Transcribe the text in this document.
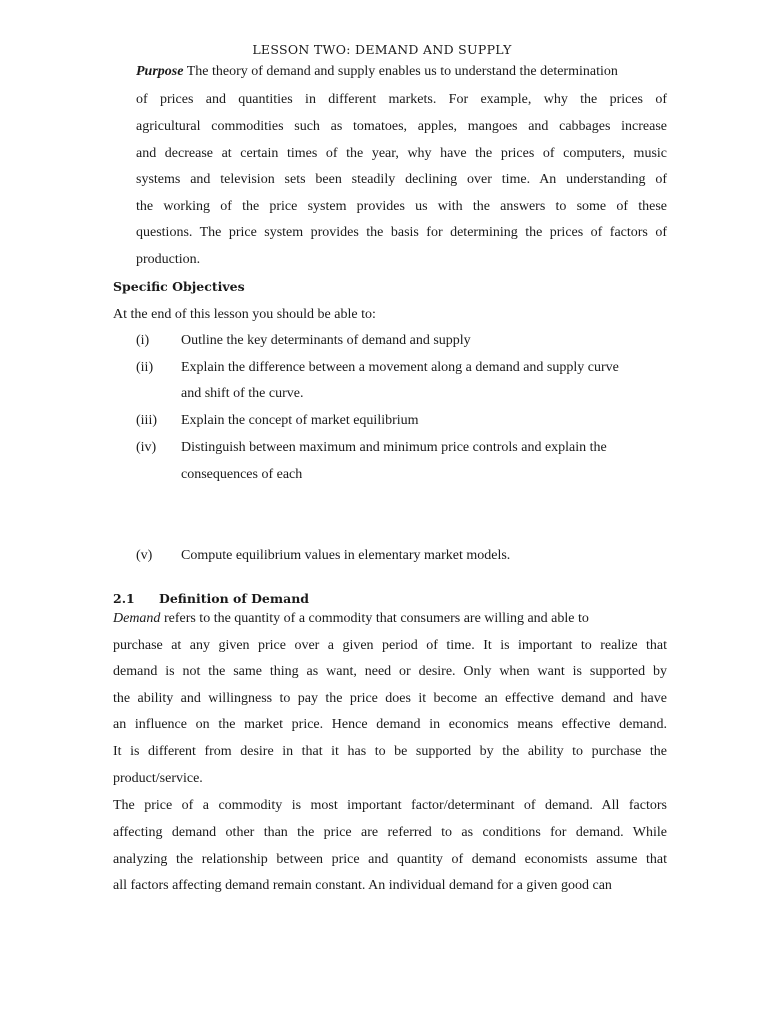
LESSON TWO: DEMAND AND SUPPLY
Purpose The theory of demand and supply enables us to understand the determination
of prices and quantities in different markets. For example, why the prices of
agricultural commodities such as tomatoes, apples, mangoes and cabbages increase
and decrease at certain times of the year, why have the prices of computers, music
systems and television sets been steadily declining over time. An understanding of
the working of the price system provides us with the answers to some of these
questions. The price system provides the basis for determining the prices of factors of
production.
Specific Objectives
At the end of this lesson you should be able to:
(i) Outline the key determinants of demand and supply
(ii) Explain the difference between a movement along a demand and supply curve
and shift of the curve.
(iii) Explain the concept of market equilibrium
(iv) Distinguish between maximum and minimum price controls and explain the
consequences of each
(v) Compute equilibrium values in elementary market models.
2.1 Definition of Demand
Demand refers to the quantity of a commodity that consumers are willing and able to
purchase at any given price over a given period of time. It is important to realize that
demand is not the same thing as want, need or desire. Only when want is supported by
the ability and willingness to pay the price does it become an effective demand and have
an influence on the market price. Hence demand in economics means effective demand.
It is different from desire in that it has to be supported by the ability to purchase the
product/service.
The price of a commodity is most important factor/determinant of demand. All factors
affecting demand other than the price are referred to as conditions for demand. While
analyzing the relationship between price and quantity of demand economists assume that
all factors affecting demand remain constant. An individual demand for a given good can
